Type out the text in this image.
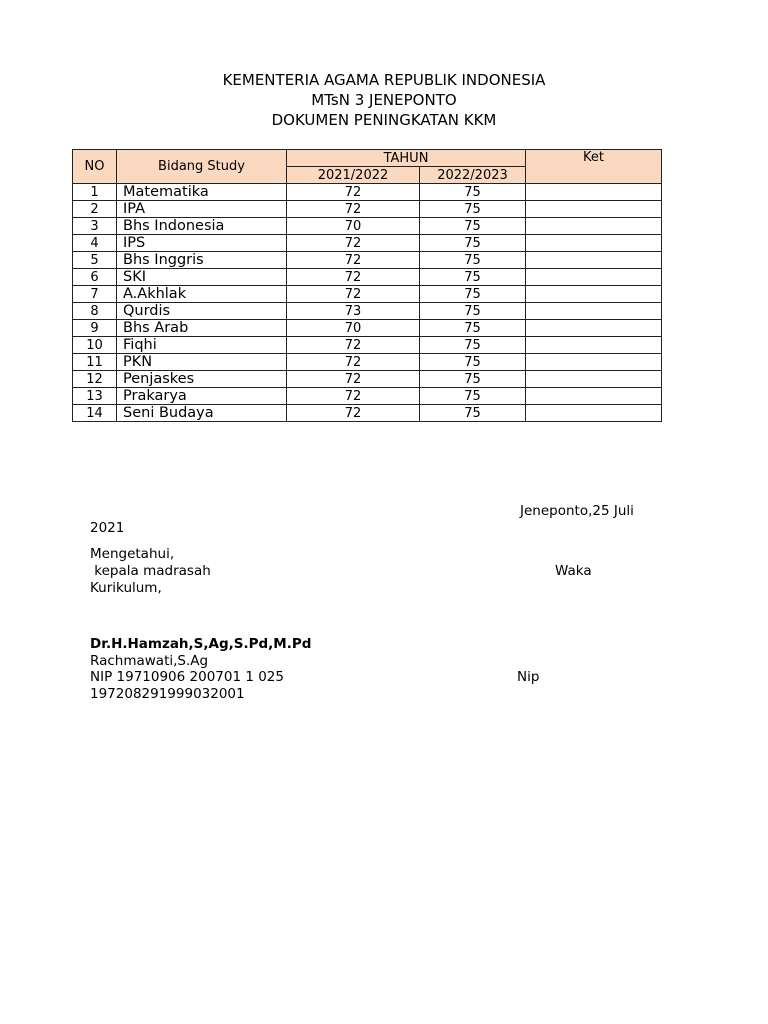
KEMENTERIA AGAMA REPUBLIK INDONESIA
MTsN 3 JENEPONTO
DOKUMEN PENINGKATAN KKM
NO	Bidang Study	TAHUN		Ket
		2021/2022	2022/2023	
1	Matematika	72	75	
2	IPA	72	75	
3	Bhs Indonesia	70	75	
4	IPS	72	75	
5	Bhs Inggris	72	75	
6	SKI	72	75	
7	A.Akhlak	72	75	
8	Qurdis	73	75	
9	Bhs Arab	70	75	
10	Fiqhi	72	75	
11	PKN	72	75	
12	Penjaskes	72	75	
13	Prakarya	72	75	
14	Seni Budaya	72	75	
Jeneponto,25 Juli
2021
Mengetahui,
kepala madrasah	Waka
Kurikulum,
Dr.H.Hamzah,S,Ag,S.Pd,M.Pd
Rachmawati,S.Ag
NIP 19710906 200701 1 025	Nip
197208291999032001
